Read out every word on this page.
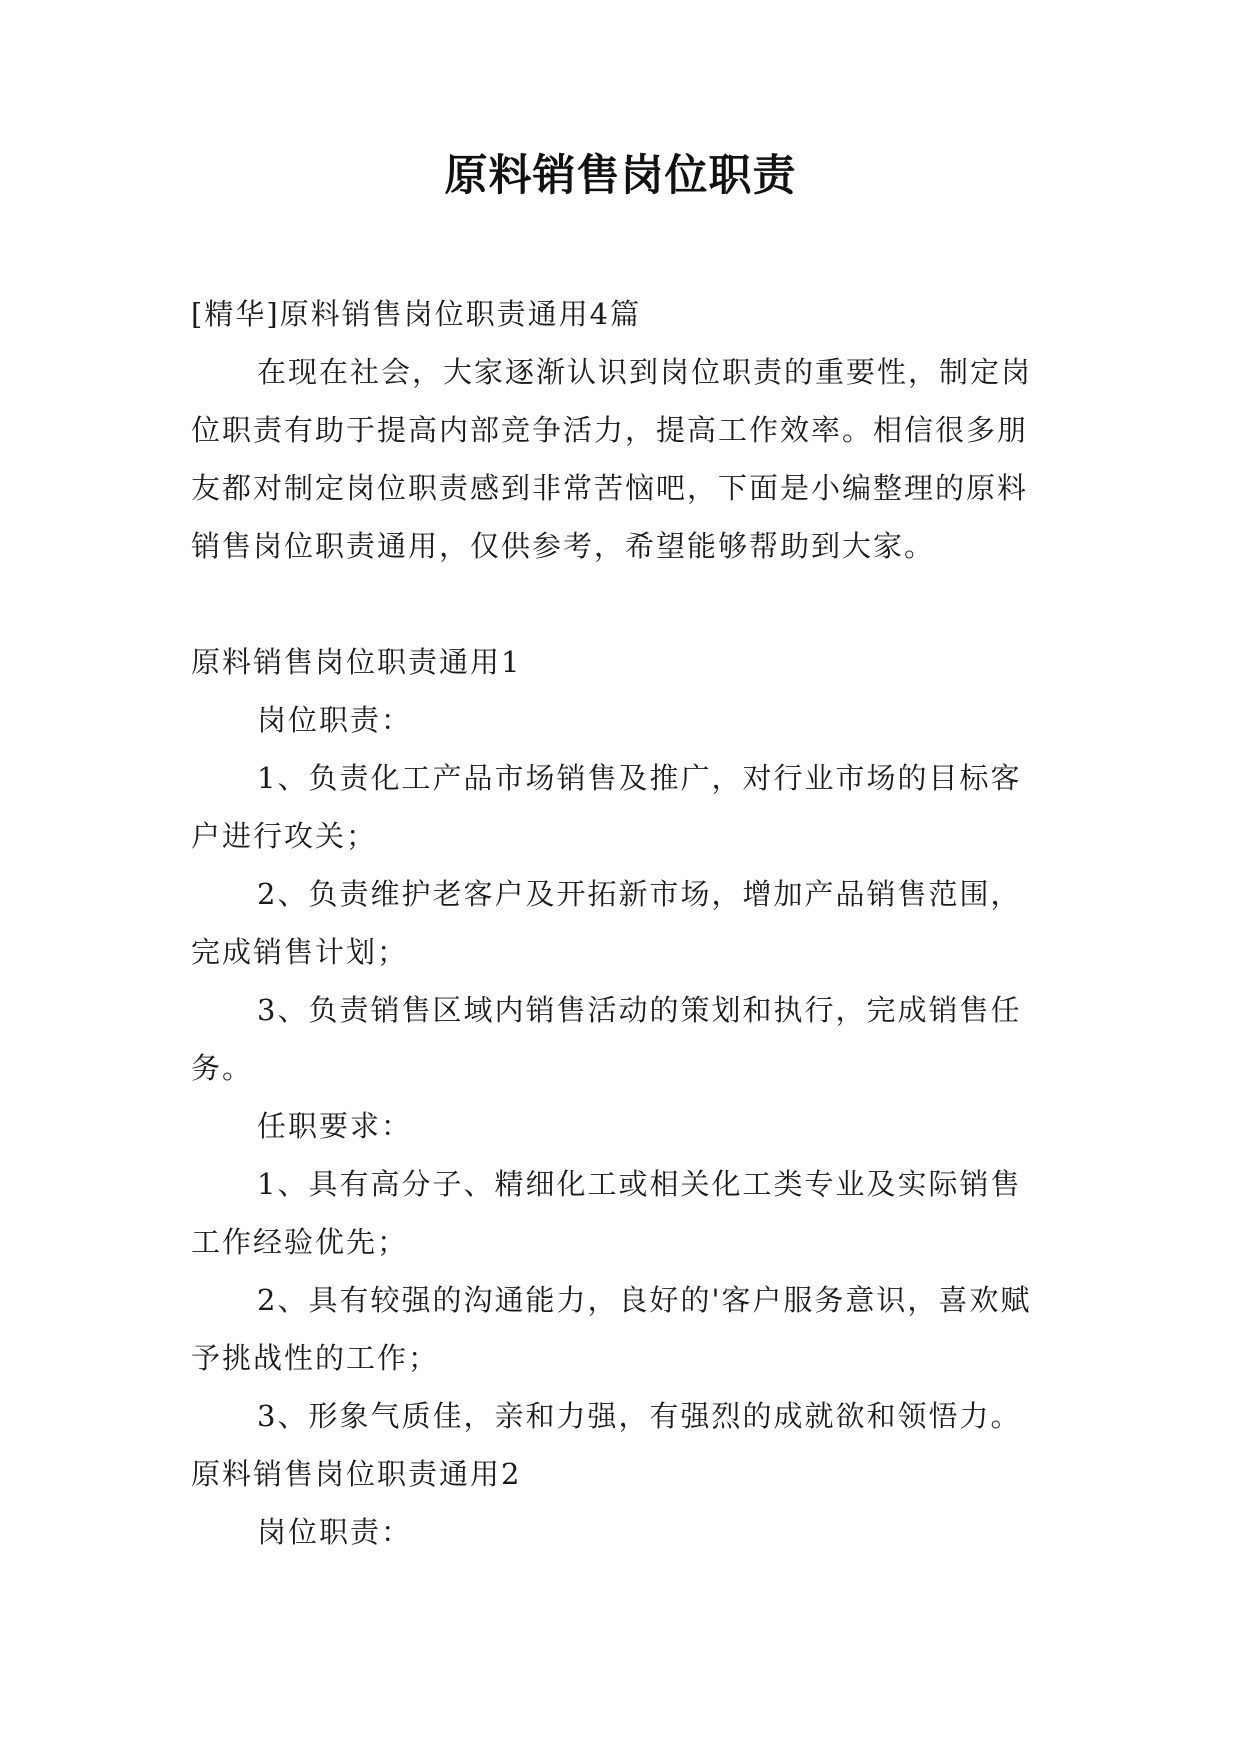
原料销售岗位职责

[精华]原料销售岗位职责通用4篇

在现在社会，大家逐渐认识到岗位职责的重要性，制定岗位职责有助于提高内部竞争活力，提高工作效率。相信很多朋友都对制定岗位职责感到非常苦恼吧，下面是小编整理的原料销售岗位职责通用，仅供参考，希望能够帮助到大家。

原料销售岗位职责通用1

岗位职责：

1、负责化工产品市场销售及推广，对行业市场的目标客户进行攻关；

2、负责维护老客户及开拓新市场，增加产品销售范围，完成销售计划；

3、负责销售区域内销售活动的策划和执行，完成销售任务。

任职要求：

1、具有高分子、精细化工或相关化工类专业及实际销售工作经验优先；

2、具有较强的沟通能力，良好的'客户服务意识，喜欢赋予挑战性的工作；

3、形象气质佳，亲和力强，有强烈的成就欲和领悟力。

原料销售岗位职责通用2

岗位职责：
